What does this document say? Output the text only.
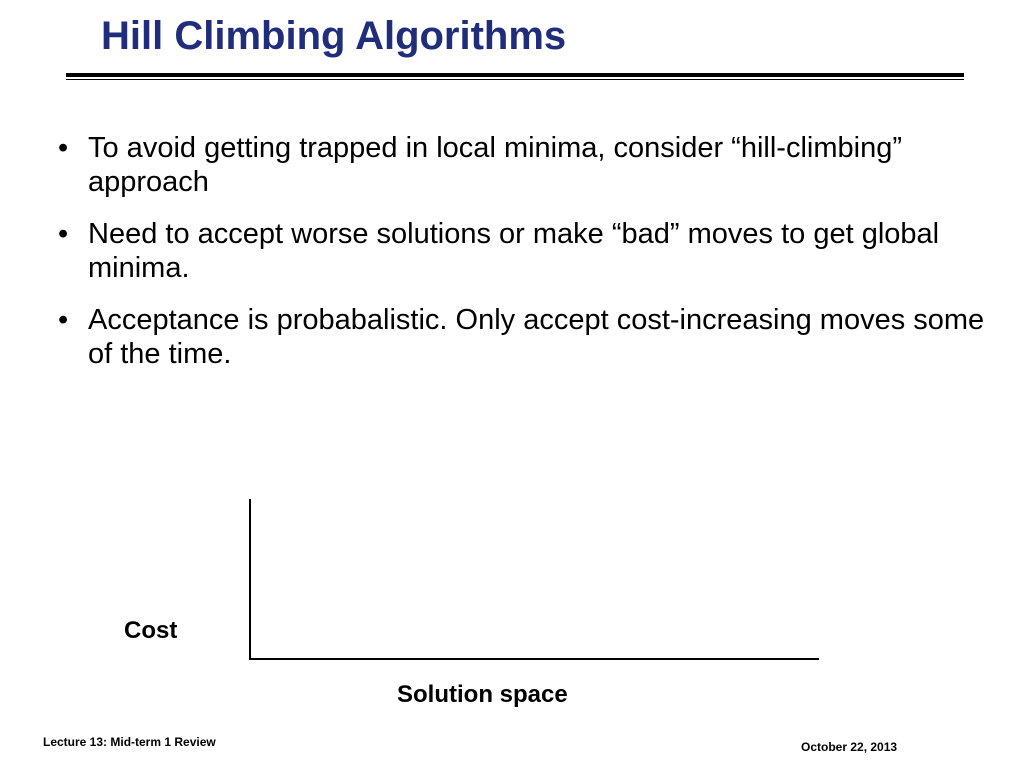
Hill Climbing Algorithms
• To avoid getting trapped in local minima, consider “hill-climbing” approach
• Need to accept worse solutions or make “bad” moves to get global minima.
• Acceptance is probabalistic. Only accept cost-increasing moves some of the time.
Cost
Solution space
Lecture 13: Mid-term 1 Review	October 22, 2013
